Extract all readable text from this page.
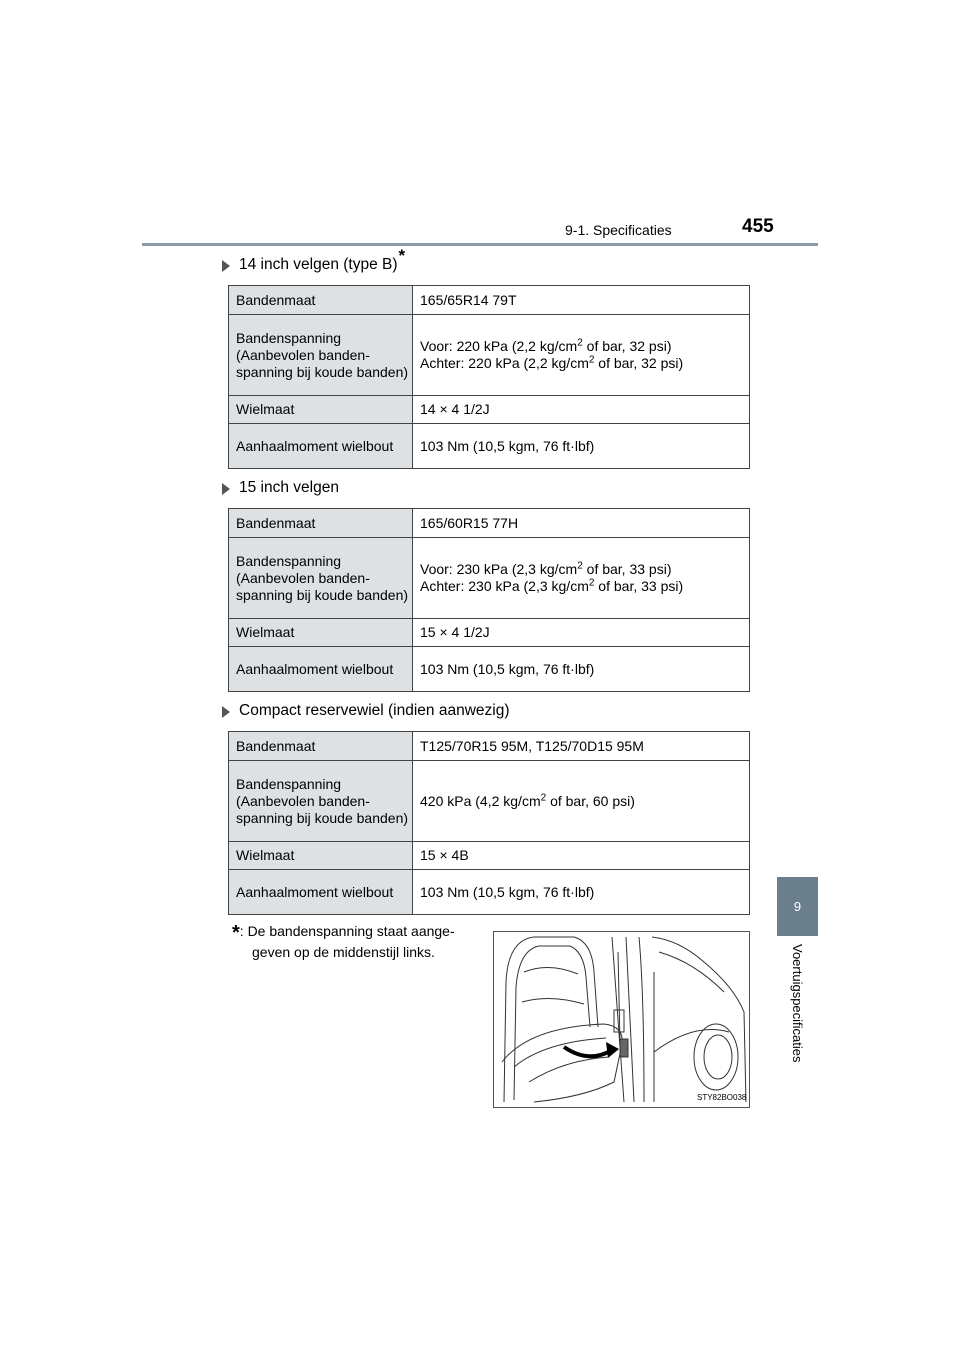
9-1. Specificaties	455
14 inch velgen (type B) *
Bandenmaat	165/65R14 79T
Bandenspanning (Aanbevolen banden-spanning bij koude banden)	Voor: 220 kPa (2,2 $kg/cm^2$ of bar, 32 psi)
Achter: 220 kPa (2,2 $kg/cm^2$ of bar, 32 psi)

Wielmaat	14 × 4 1/2J
Aanhaalmoment wielbout	103 Nm (10,5 kgm, 76 ft·lbf)
15 inch velgen
Bandenmaat	165/60R15 77H
Bandenspanning (Aanbevolen banden-spanning bij koude banden)	Voor: 230 kPa (2,3 $kg/cm^2$ of bar, 33 psi)
Achter: 230 kPa (2,3 $kg/cm^2$ of bar, 33 psi)

Wielmaat	15 × 4 1/2J
Aanhaalmoment wielbout	103 Nm (10,5 kgm, 76 ft·lbf)
Compact reservewiel (indien aanwezig)
Bandenmaat	T125/70R15 95M, T125/70D15 95M
Bandenspanning (Aanbevolen banden-spanning bij koude banden)	420 kPa (4,2 $kg/cm^2$ of bar, 60 psi)

Wielmaat	15 × 4B
Aanhaalmoment wielbout	103 Nm (10,5 kgm, 76 ft·lbf)
*: De bandenspanning staat aange-
geven op de middenstijl links.
STY82BO038
9
Voertuigspecificaties
